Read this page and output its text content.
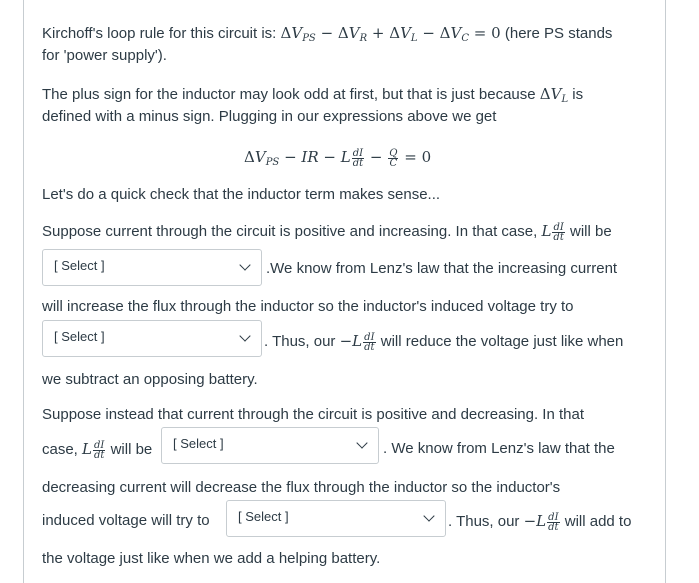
Kirchoff's loop rule for this circuit is: $\Delta V_{PS} - \Delta V_R + \Delta V_L - \Delta V_C = 0$ (here PS stands
for 'power supply').
The plus sign for the inductor may look odd at first, but that is just because $\Delta V_L$ is
defined with a minus sign. Plugging in our expressions above we get
$\Delta V_{PS}$ − IR − L $\frac{dI}{dt} - \frac{Q}{C} = 0$
Let's do a quick check that the inductor term makes sense...
Suppose current through the circuit is positive and increasing. In that case, L $\frac{dI}{dt}$ will be
[ Select ]	.We know from Lenz's law that the increasing current
will increase the flux through the inductor so the inductor's induced voltage try to
[ Select ]	. Thus, our $-L \frac{dI}{dt}$ will reduce the voltage just like when
we subtract an opposing battery.
Suppose instead that current through the circuit is positive and decreasing. In that
case, L $\frac{dI}{dt}$ will be [ Select ]	. We know from Lenz's law that the
decreasing current will decrease the flux through the inductor so the inductor's
induced voltage will try to [ Select ]	. Thus, our $-L \frac{dI}{dt}$ will add to
the voltage just like when we add a helping battery.
